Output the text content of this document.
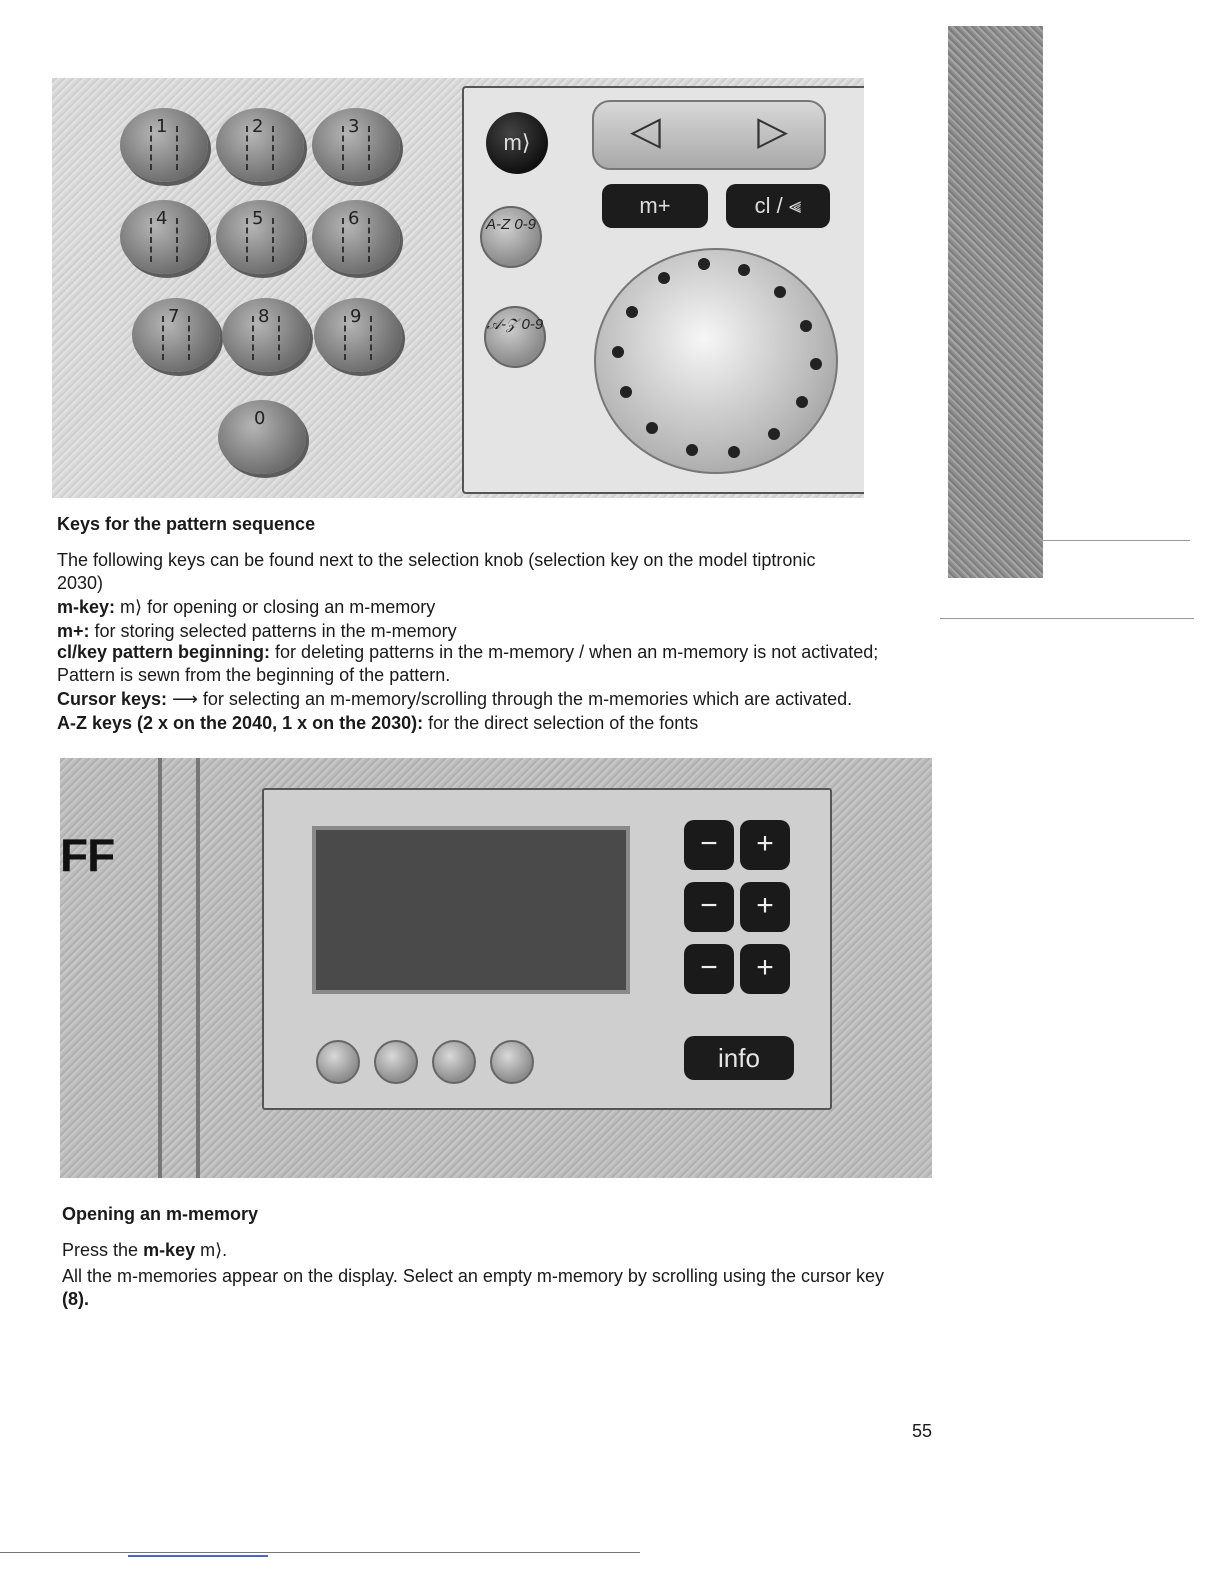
1	2	3
4	5	6
7	8	9
0
m⟩
A-Z 0-9
𝒜-𝒵 0-9
◁ ▷
m+	cl / ⫷
Keys for the pattern sequence
The following keys can be found next to the selection knob (selection key on the model tiptronic 2030)
m-key: m⟩ for opening or closing an m-memory
m+: for storing selected patterns in the m-memory
cl/key pattern beginning: for deleting patterns in the m-memory / when an m-memory is not activated; Pattern is sewn from the beginning of the pattern.
Cursor keys: ⟶ for selecting an m-memory/scrolling through the m-memories which are activated.
A-Z keys (2 x on the 2040, 1 x on the 2030): for the direct selection of the fonts
FF	−	+
−	+
−	+
info
Opening an m-memory
Press the m-key m⟩.
All the m-memories appear on the display. Select an empty m-memory by scrolling using the cursor key (8).
55
